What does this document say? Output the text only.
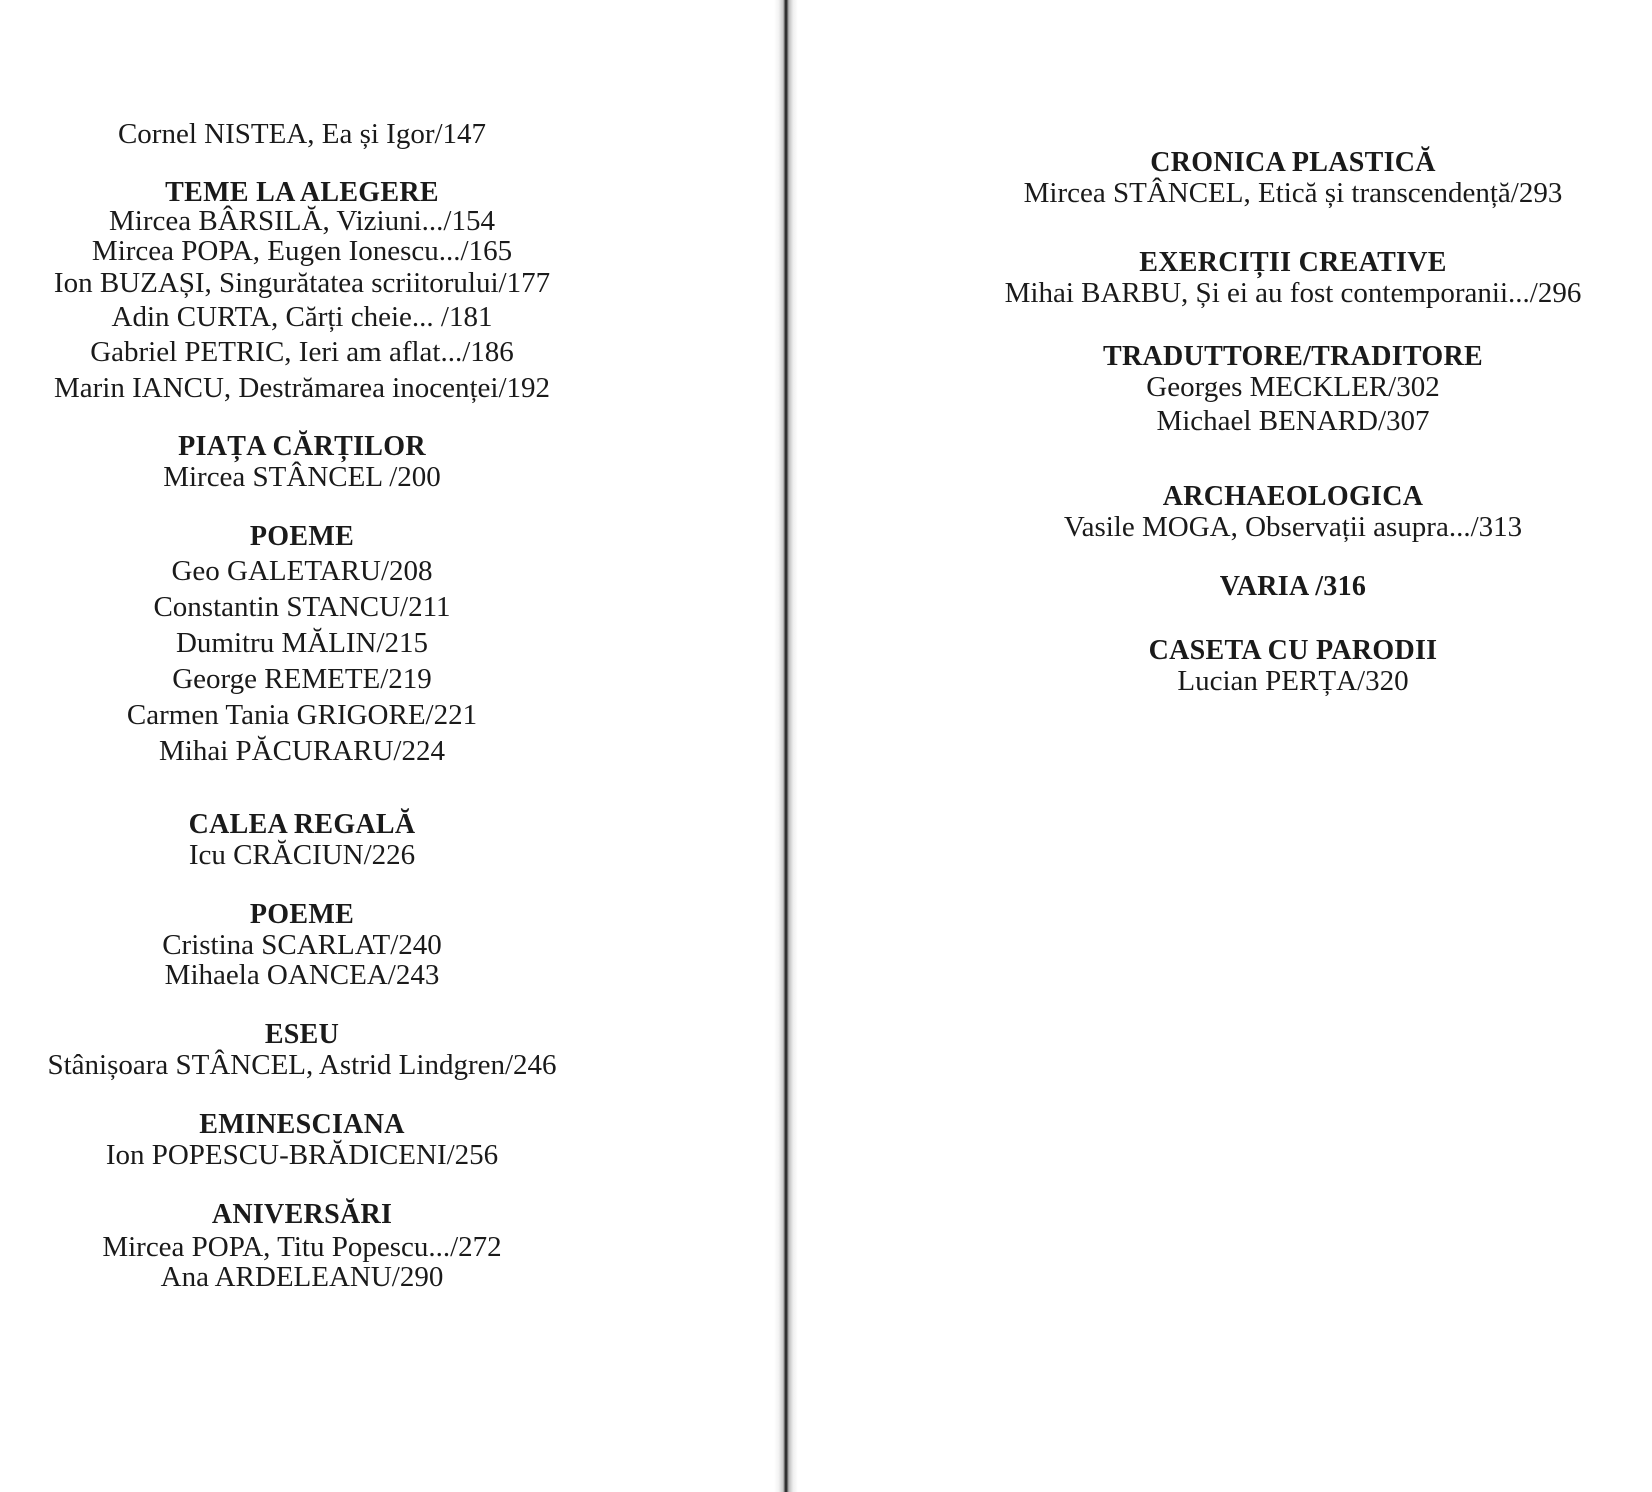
Cornel NISTEA, Ea și Igor/147
TEME LA ALEGERE
Mircea BÂRSILĂ, Viziuni.../154
Mircea POPA, Eugen Ionescu.../165
Ion BUZAȘI, Singurătatea scriitorului/177
Adin CURTA, Cărți cheie... /181
Gabriel PETRIC, Ieri am aflat.../186
Marin IANCU, Destrămarea inocenței/192
PIAȚA CĂRȚILOR
Mircea STÂNCEL /200
POEME
Geo GALETARU/208
Constantin STANCU/211
Dumitru MĂLIN/215
George REMETE/219
Carmen Tania GRIGORE/221
Mihai PĂCURARU/224
CALEA REGALĂ
Icu CRĂCIUN/226
POEME
Cristina SCARLAT/240
Mihaela OANCEA/243
ESEU
Stânișoara STÂNCEL, Astrid Lindgren/246
EMINESCIANA
Ion POPESCU-BRĂDICENI/256
ANIVERSĂRI
Mircea POPA, Titu Popescu.../272
Ana ARDELEANU/290
CRONICA PLASTICĂ
Mircea STÂNCEL, Etică și transcendență/293
EXERCIȚII CREATIVE
Mihai BARBU, Și ei au fost contemporanii.../296
TRADUTTORE/TRADITORE
Georges MECKLER/302
Michael BENARD/307
ARCHAEOLOGICA
Vasile MOGA, Observații asupra.../313
VARIA /316
CASETA CU PARODII
Lucian PERȚA/320
